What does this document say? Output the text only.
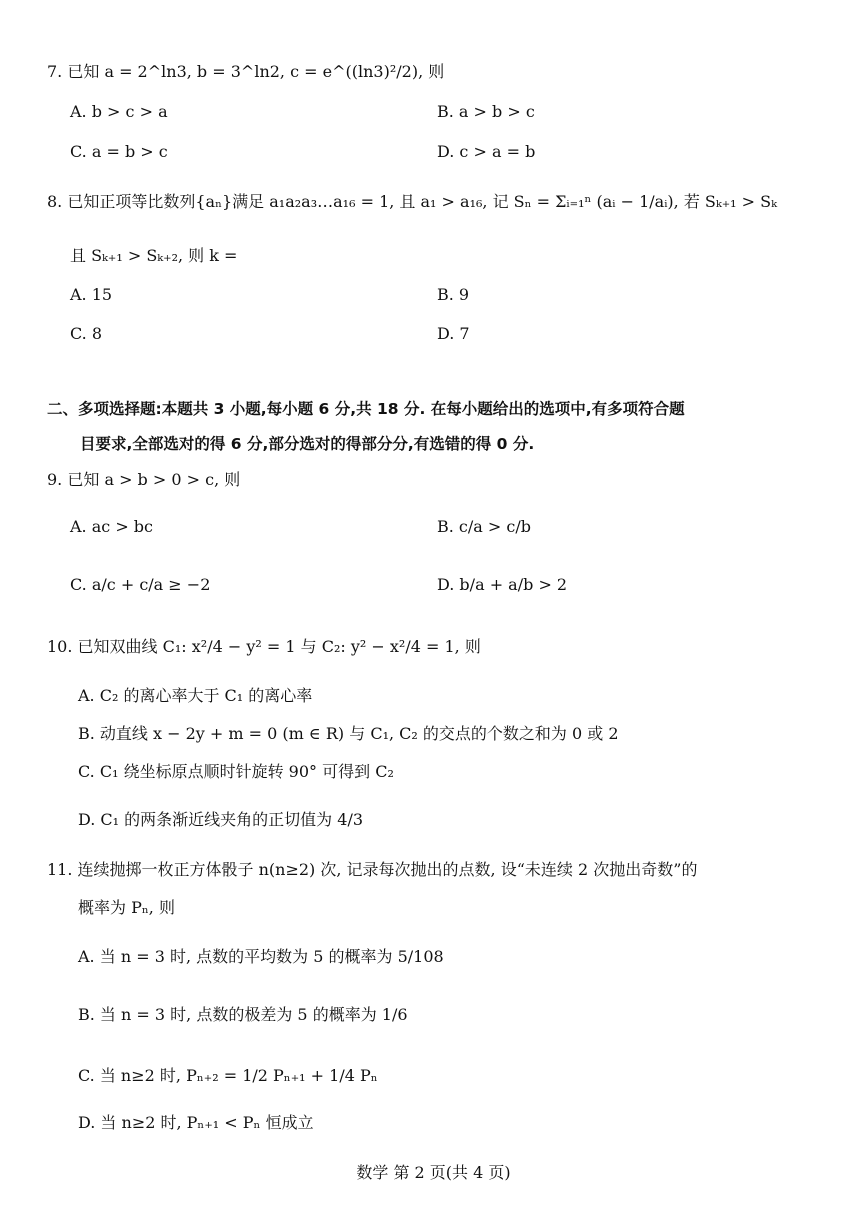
7. 已知 a = 2^ln3, b = 3^ln2, c = e^((ln3)²/2), 则
A. b > c > a	B. a > b > c
C. a = b > c	D. c > a = b
8. 已知正项等比数列{aₙ}满足 a₁a₂a₃…a₁₆ = 1, 且 a₁ > a₁₆, 记 Sₙ = Σᵢ₌₁ⁿ (aᵢ − 1/aᵢ), 若 Sₖ₊₁ > Sₖ
且 Sₖ₊₁ > Sₖ₊₂, 则 k =
A. 15	B. 9
C. 8	D. 7
二、多项选择题:本题共 3 小题,每小题 6 分,共 18 分. 在每小题给出的选项中,有多项符合题
目要求,全部选对的得 6 分,部分选对的得部分分,有选错的得 0 分.
9. 已知 a > b > 0 > c, 则
A. ac > bc	B. c/a > c/b
C. a/c + c/a ≥ −2	D. b/a + a/b > 2
10. 已知双曲线 C₁: x²/4 − y² = 1 与 C₂: y² − x²/4 = 1, 则
A. C₂ 的离心率大于 C₁ 的离心率
B. 动直线 x − 2y + m = 0 (m ∈ R) 与 C₁, C₂ 的交点的个数之和为 0 或 2
C. C₁ 绕坐标原点顺时针旋转 90° 可得到 C₂
D. C₁ 的两条渐近线夹角的正切值为 4/3
11. 连续抛掷一枚正方体骰子 n(n≥2) 次, 记录每次抛出的点数, 设“未连续 2 次抛出奇数”的
概率为 Pₙ, 则
A. 当 n = 3 时, 点数的平均数为 5 的概率为 5/108
B. 当 n = 3 时, 点数的极差为 5 的概率为 1/6
C. 当 n≥2 时, Pₙ₊₂ = 1/2 Pₙ₊₁ + 1/4 Pₙ
D. 当 n≥2 时, Pₙ₊₁ < Pₙ 恒成立
数学 第 2 页(共 4 页)
